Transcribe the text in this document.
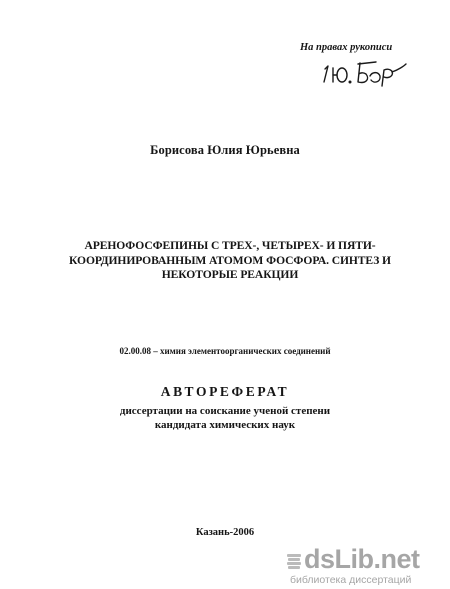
На правах рукописи
Борисова Юлия Юрьевна
АРЕНОФОСФЕПИНЫ С ТРЕХ-, ЧЕТЫРЕХ- И ПЯТИ-
КООРДИНИРОВАННЫМ АТОМОМ ФОСФОРА. СИНТЕЗ И
НЕКОТОРЫЕ РЕАКЦИИ
02.00.08 – химия элементоорганических соединений
АВТОРЕФЕРАТ
диссертации на соискание ученой степени
кандидата химических наук
Казань-2006
dsLib.net
библиотека диссертаций
